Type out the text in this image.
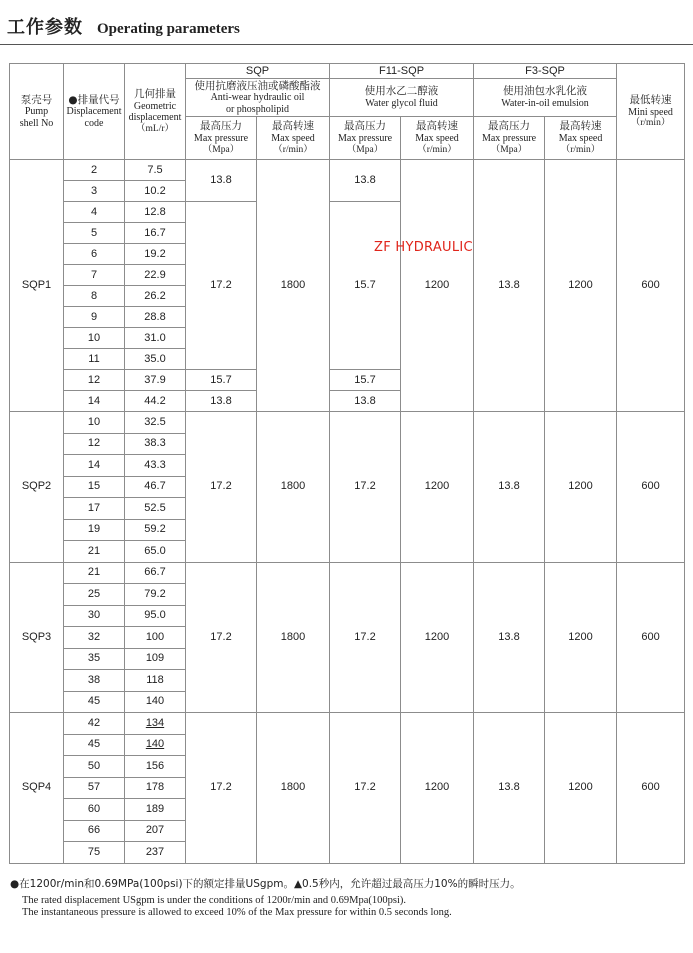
工作参数 Operating parameters
泵壳号
Pump
shell No	●排量代号
Displacement
code	几何排量
Geometric
displacement
（mL/r）	SQP		F11-SQP		F3-SQP		最低转速
Mini speed
（r/min）

			使用抗磨液压油或磷酸酯液
Anti-wear hydraulic oil
or phospholipid		使用水乙二醇液
Water glycol fluid		使用油包水乳化液
Water-in-oil emulsion		

			最高压力
Max pressure
（Mpa）	最高转速
Max speed
（r/min）	最高压力
Max pressure
（Mpa）	最高转速
Max speed
（r/min）	最高压力
Max pressure
（Mpa）	最高转速
Max speed
（r/min）	

SQP1	2	7.5	13.8	1800	13.8	1200	13.8	1200	600
	3	10.2							
	4	12.8	17.2		15.7				
	5	16.7							
	6	19.2							
	7	22.9							
	8	26.2							
	9	28.8							
	10	31.0							
	11	35.0							
	12	37.9	15.7		15.7				
	14	44.2	13.8		13.8				
SQP2	10	32.5	17.2	1800	17.2	1200	13.8	1200	600
	12	38.3							
	14	43.3							
	15	46.7							
	17	52.5							
	19	59.2							
	21	65.0							
SQP3	21	66.7	17.2	1800	17.2	1200	13.8	1200	600
	25	79.2							
	30	95.0							
	32	100							
	35	109							
	38	118							
	45	140							
SQP4	42	134	17.2	1800	17.2	1200	13.8	1200	600
	45	140							
	50	156							
	57	178							
	60	189							
	66	207							
	75	237							
ZF HYDRAULIC

●在1200r/min和0.69MPa(100psi)下的额定排量USgpm。▲0.5秒内，允许超过最高压力10%的瞬时压力。

The rated displacement USgpm is under the conditions of 1200r/min and 0.69Mpa(100psi).

The instantaneous pressure is allowed to exceed 10% of the Max pressure for within 0.5 seconds long.
